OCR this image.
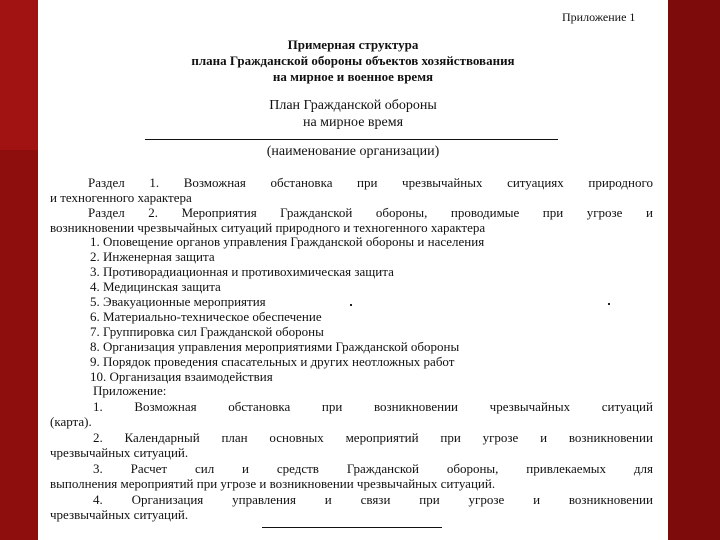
Приложение 1
Примерная структура
плана Гражданской обороны объектов хозяйствования
на мирное и военное время
План Гражданской обороны
на мирное время
(наименование организации)
Раздел 1. Возможная обстановка при чрезвычайных ситуациях природного
и техногенного характера
Раздел 2. Мероприятия Гражданской обороны, проводимые при угрозе и
возникновении чрезвычайных ситуаций природного и техногенного характера
1. Оповещение органов управления Гражданской обороны и населения
2. Инженерная защита
3. Противорадиационная и противохимическая защита
4. Медицинская защита
5. Эвакуационные мероприятия
6. Материально-техническое обеспечение
7. Группировка сил Гражданской обороны
8. Организация управления мероприятиями Гражданской обороны
9. Порядок проведения спасательных и других неотложных работ
10. Организация взаимодействия
Приложение:
1. Возможная обстановка при возникновении чрезвычайных ситуаций
(карта).
2. Календарный план основных мероприятий при угрозе и возникновении
чрезвычайных ситуаций.
3. Расчет сил и средств Гражданской обороны, привлекаемых для
выполнения мероприятий при угрозе и возникновении чрезвычайных ситуаций.
4. Организация управления и связи при угрозе и возникновении
чрезвычайных ситуаций.
